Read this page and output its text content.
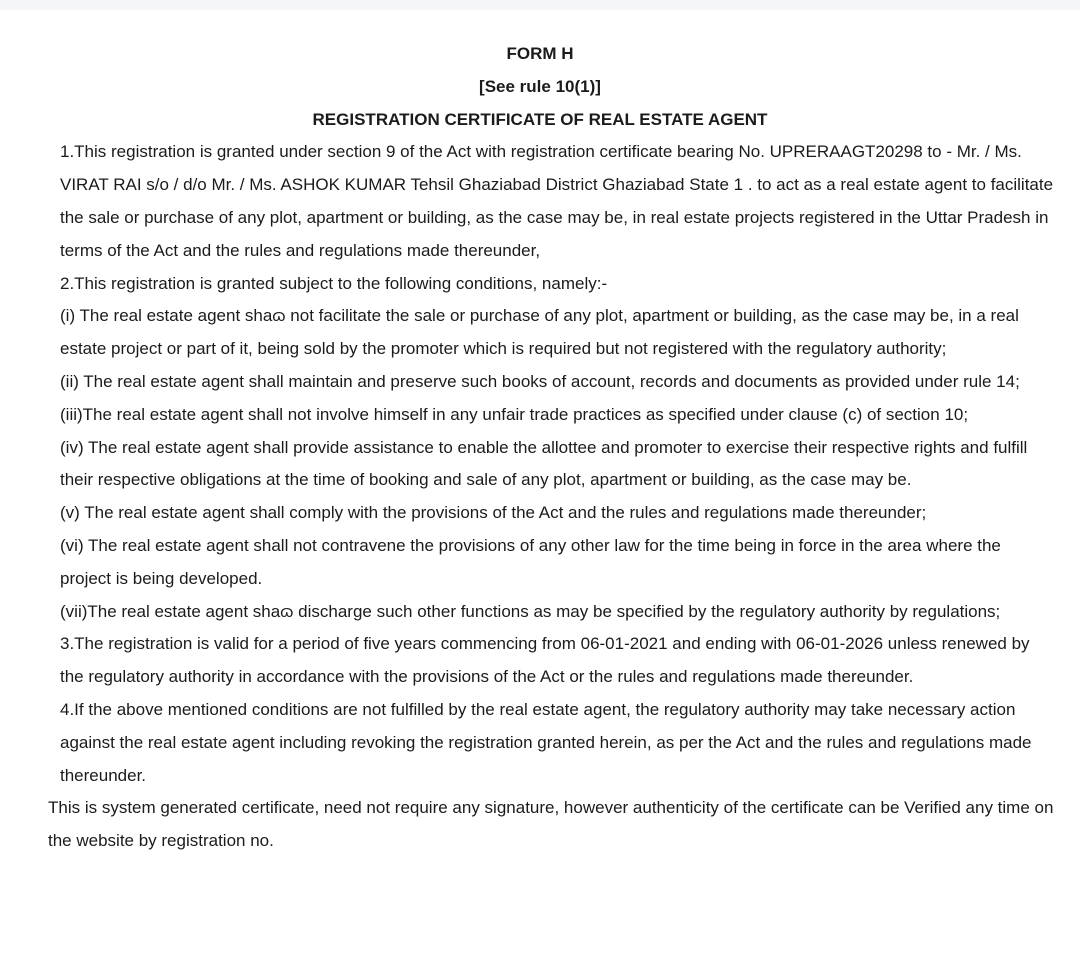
FORM H
[See rule 10(1)]
REGISTRATION CERTIFICATE OF REAL ESTATE AGENT
1.This registration is granted under section 9 of the Act with registration certificate bearing No. UPRERAAGT20298 to - Mr. / Ms. VIRAT RAI s/o / d/o Mr. / Ms. ASHOK KUMAR Tehsil Ghaziabad District Ghaziabad State 1 . to act as a real estate agent to facilitate the sale or purchase of any plot, apartment or building, as the case may be, in real estate projects registered in the Uttar Pradesh in terms of the Act and the rules and regulations made thereunder,
2.This registration is granted subject to the following conditions, namely:-
(i) The real estate agent shaɷ not facilitate the sale or purchase of any plot, apartment or building, as the case may be, in a real estate project or part of it, being sold by the promoter which is required but not registered with the regulatory authority;
(ii) The real estate agent shall maintain and preserve such books of account, records and documents as provided under rule 14;
(iii)The real estate agent shall not involve himself in any unfair trade practices as specified under clause (c) of section 10;
(iv) The real estate agent shall provide assistance to enable the allottee and promoter to exercise their respective rights and fulfill their respective obligations at the time of booking and sale of any plot, apartment or building, as the case may be.
(v) The real estate agent shall comply with the provisions of the Act and the rules and regulations made thereunder;
(vi) The real estate agent shall not contravene the provisions of any other law for the time being in force in the area where the project is being developed.
(vii)The real estate agent shaɷ discharge such other functions as may be specified by the regulatory authority by regulations;
3.The registration is valid for a period of five years commencing from 06-01-2021 and ending with 06-01-2026 unless renewed by the regulatory authority in accordance with the provisions of the Act or the rules and regulations made thereunder.
4.If the above mentioned conditions are not fulfilled by the real estate agent, the regulatory authority may take necessary action against the real estate agent including revoking the registration granted herein, as per the Act and the rules and regulations made thereunder.
This is system generated certificate, need not require any signature, however authenticity of the certificate can be Verified any time on the website by registration no.
